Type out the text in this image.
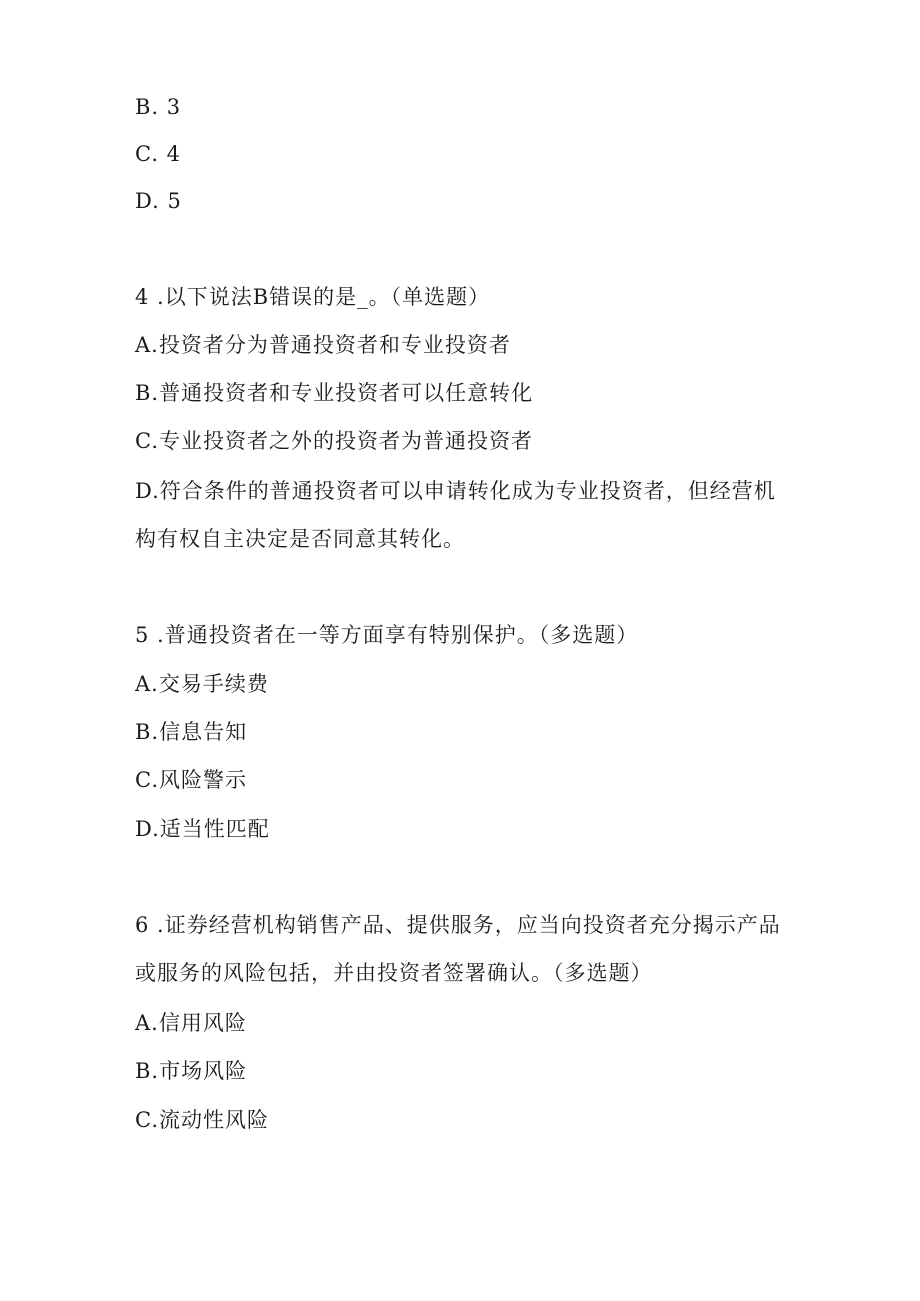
B. 3
C. 4
D. 5
4 .以下说法B错误的是_。（单选题）
A.投资者分为普通投资者和专业投资者
B.普通投资者和专业投资者可以任意转化
C.专业投资者之外的投资者为普通投资者
D.符合条件的普通投资者可以申请转化成为专业投资者，但经营机
构有权自主决定是否同意其转化。
5 .普通投资者在一等方面享有特别保护。（多选题）
A.交易手续费
B.信息告知
C.风险警示
D.适当性匹配
6 .证券经营机构销售产品、提供服务，应当向投资者充分揭示产品
或服务的风险包括，并由投资者签署确认。（多选题）
A.信用风险
B.市场风险
C.流动性风险
